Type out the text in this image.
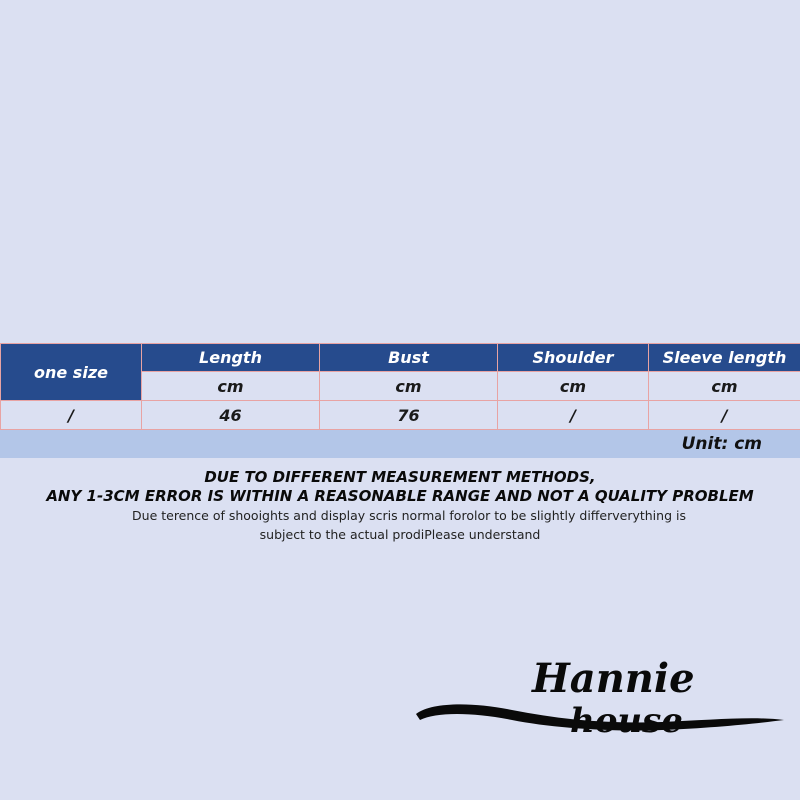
one size	Length	Bust	Shoulder	Sleeve length
	cm	cm	cm	cm
/	46	76	/	/
Unit: cm
DUE TO DIFFERENT MEASUREMENT METHODS,
ANY 1-3CM ERROR IS WITHIN A REASONABLE RANGE AND NOT A QUALITY PROBLEM
Due terence of shooights and display scris normal forolor to be slightly differverything is
subject to the actual prodiPlease understand
Hannie
house
